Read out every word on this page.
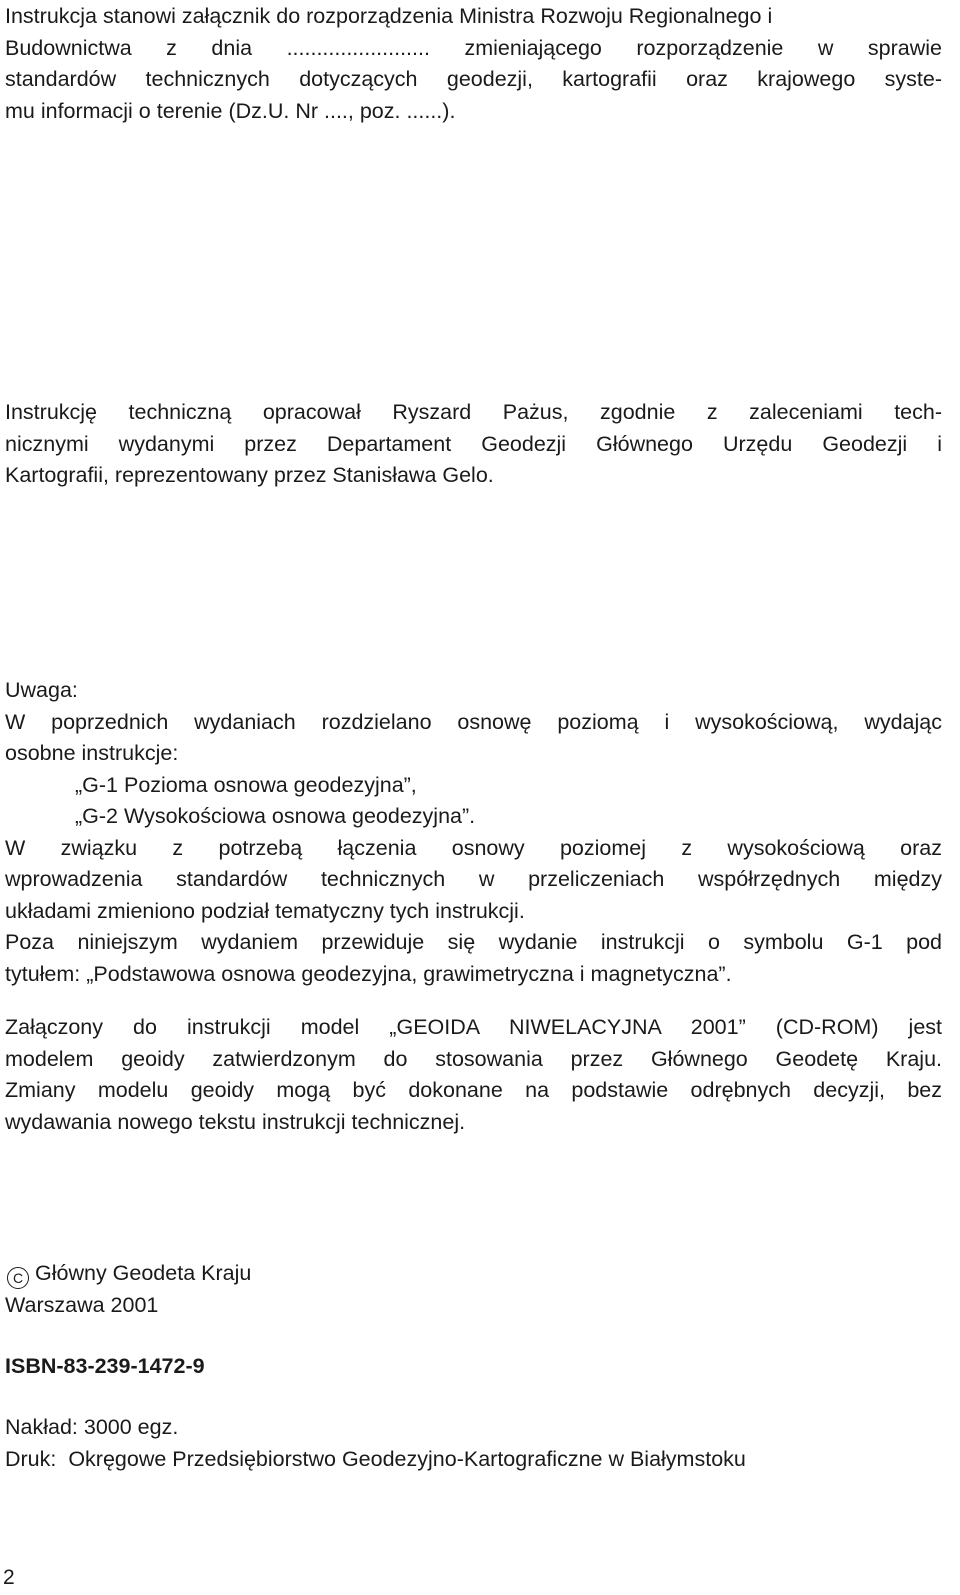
Instrukcja stanowi załącznik do rozporządzenia Ministra Rozwoju Regionalnego i
Budownictwa z dnia ........................ zmieniającego rozporządzenie w sprawie
standardów technicznych dotyczących geodezji, kartografii oraz krajowego syste-
mu informacji o terenie (Dz.U. Nr ...., poz. ......).
Instrukcję techniczną opracował Ryszard Pażus, zgodnie z zaleceniami tech-
nicznymi wydanymi przez Departament Geodezji Głównego Urzędu Geodezji i
Kartografii, reprezentowany przez Stanisława Gelo.
Uwaga:
W poprzednich wydaniach rozdzielano osnowę poziomą i wysokościową, wydając
osobne instrukcje:
„G-1 Pozioma osnowa geodezyjna”,
„G-2 Wysokościowa osnowa geodezyjna”.
W związku z potrzebą łączenia osnowy poziomej z wysokościową oraz
wprowadzenia standardów technicznych w przeliczeniach współrzędnych między
układami zmieniono podział tematyczny tych instrukcji.
Poza niniejszym wydaniem przewiduje się wydanie instrukcji o symbolu G-1 pod
tytułem: „Podstawowa osnowa geodezyjna, grawimetryczna i magnetyczna”.
Załączony do instrukcji model „GEOIDA NIWELACYJNA 2001” (CD-ROM) jest
modelem geoidy zatwierdzonym do stosowania przez Głównego Geodetę Kraju.
Zmiany modelu geoidy mogą być dokonane na podstawie odrębnych decyzji, bez
wydawania nowego tekstu instrukcji technicznej.
C Główny Geodeta Kraju
Warszawa 2001
ISBN-83-239-1472-9
Nakład: 3000 egz.
Druk:  Okręgowe Przedsiębiorstwo Geodezyjno-Kartograficzne w Białymstoku
2
